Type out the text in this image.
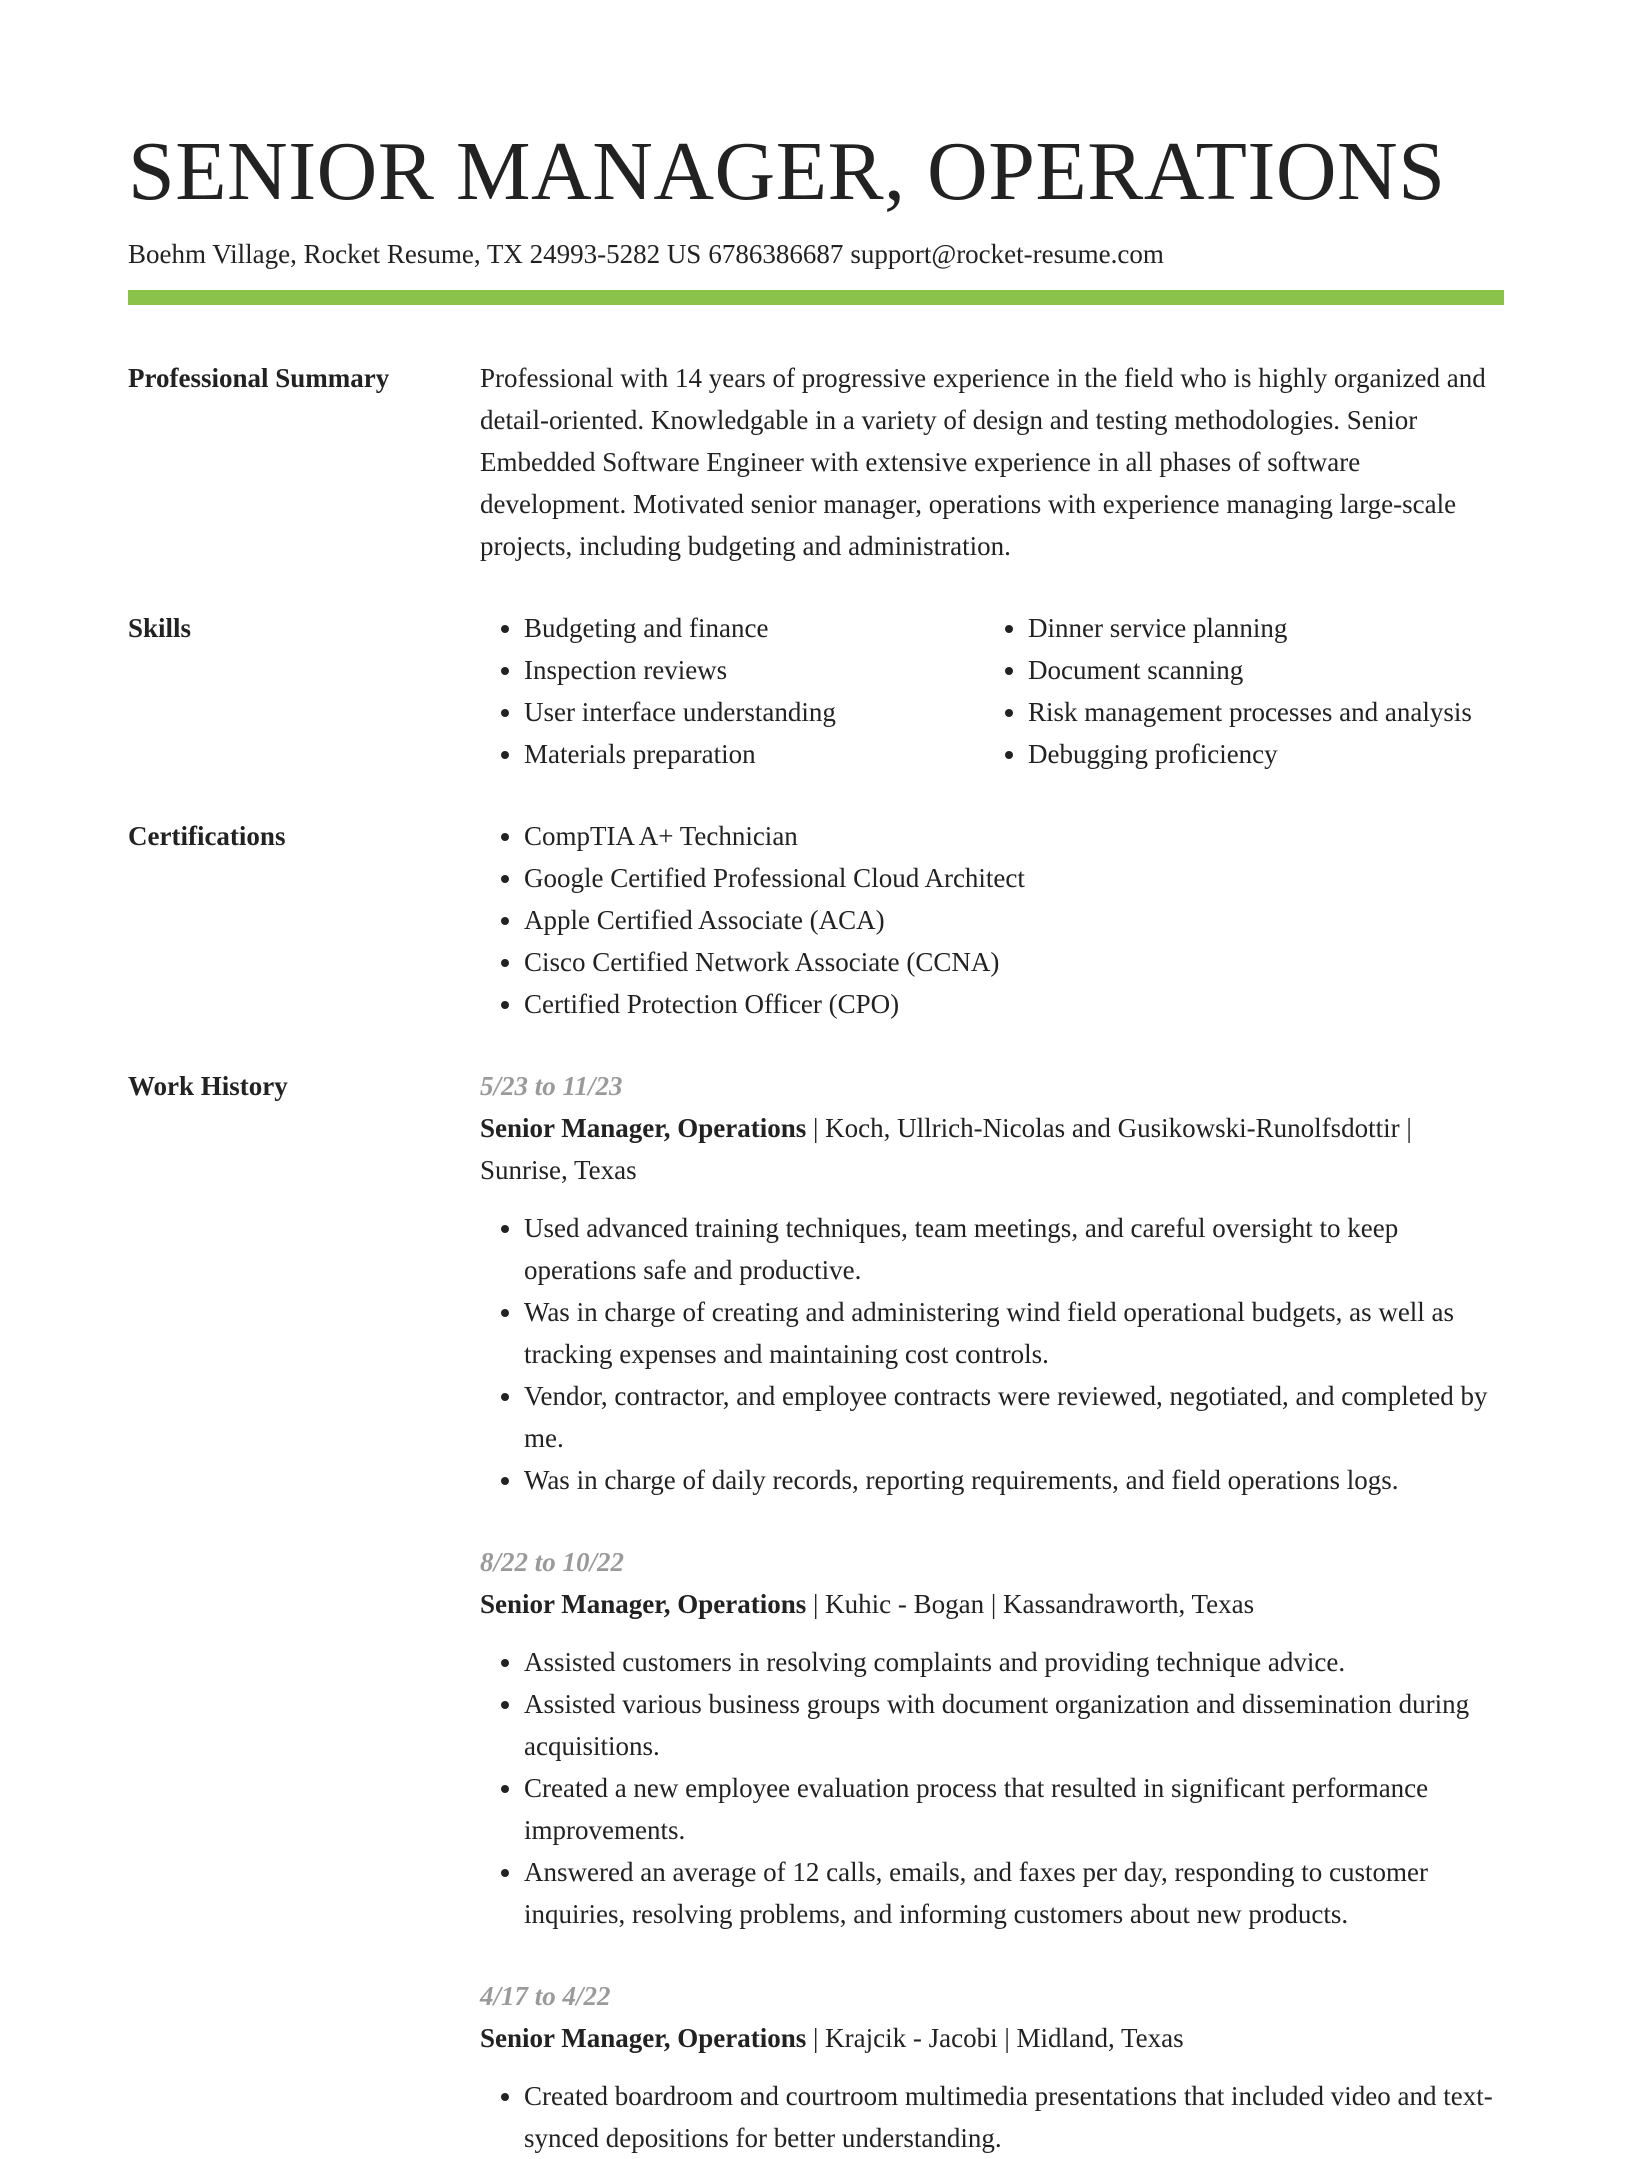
SENIOR MANAGER, OPERATIONS
Boehm Village, Rocket Resume, TX 24993-5282 US 6786386687 support@rocket-resume.com
Professional Summary	Professional with 14 years of progressive experience in the field who is highly organized and detail-oriented. Knowledgable in a variety of design and testing methodologies. Senior Embedded Software Engineer with extensive experience in all phases of software development. Motivated senior manager, operations with experience managing large-scale projects, including budgeting and administration.

Skills	• Budgeting and finance
• Inspection reviews
• User interface understanding
• Materials preparation
• Dinner service planning
• Document scanning
• Risk management processes and analysis
• Debugging proficiency
Certifications	• CompTIA A+ Technician
• Google Certified Professional Cloud Architect
• Apple Certified Associate (ACA)
• Cisco Certified Network Associate (CCNA)
• Certified Protection Officer (CPO)
Work History	5/23 to 11/23
Senior Manager, Operations | Koch, Ullrich-Nicolas and Gusikowski-Runolfsdottir | Sunrise, Texas
• Used advanced training techniques, team meetings, and careful oversight to keep operations safe and productive.
• Was in charge of creating and administering wind field operational budgets, as well as tracking expenses and maintaining cost controls.
• Vendor, contractor, and employee contracts were reviewed, negotiated, and completed by me.
• Was in charge of daily records, reporting requirements, and field operations logs.
8/22 to 10/22
Senior Manager, Operations | Kuhic - Bogan | Kassandraworth, Texas
• Assisted customers in resolving complaints and providing technique advice.
• Assisted various business groups with document organization and dissemination during acquisitions.
• Created a new employee evaluation process that resulted in significant performance improvements.
• Answered an average of 12 calls, emails, and faxes per day, responding to customer inquiries, resolving problems, and informing customers about new products.
4/17 to 4/22
Senior Manager, Operations | Krajcik - Jacobi | Midland, Texas
• Created boardroom and courtroom multimedia presentations that included video and text-synced depositions for better understanding.
